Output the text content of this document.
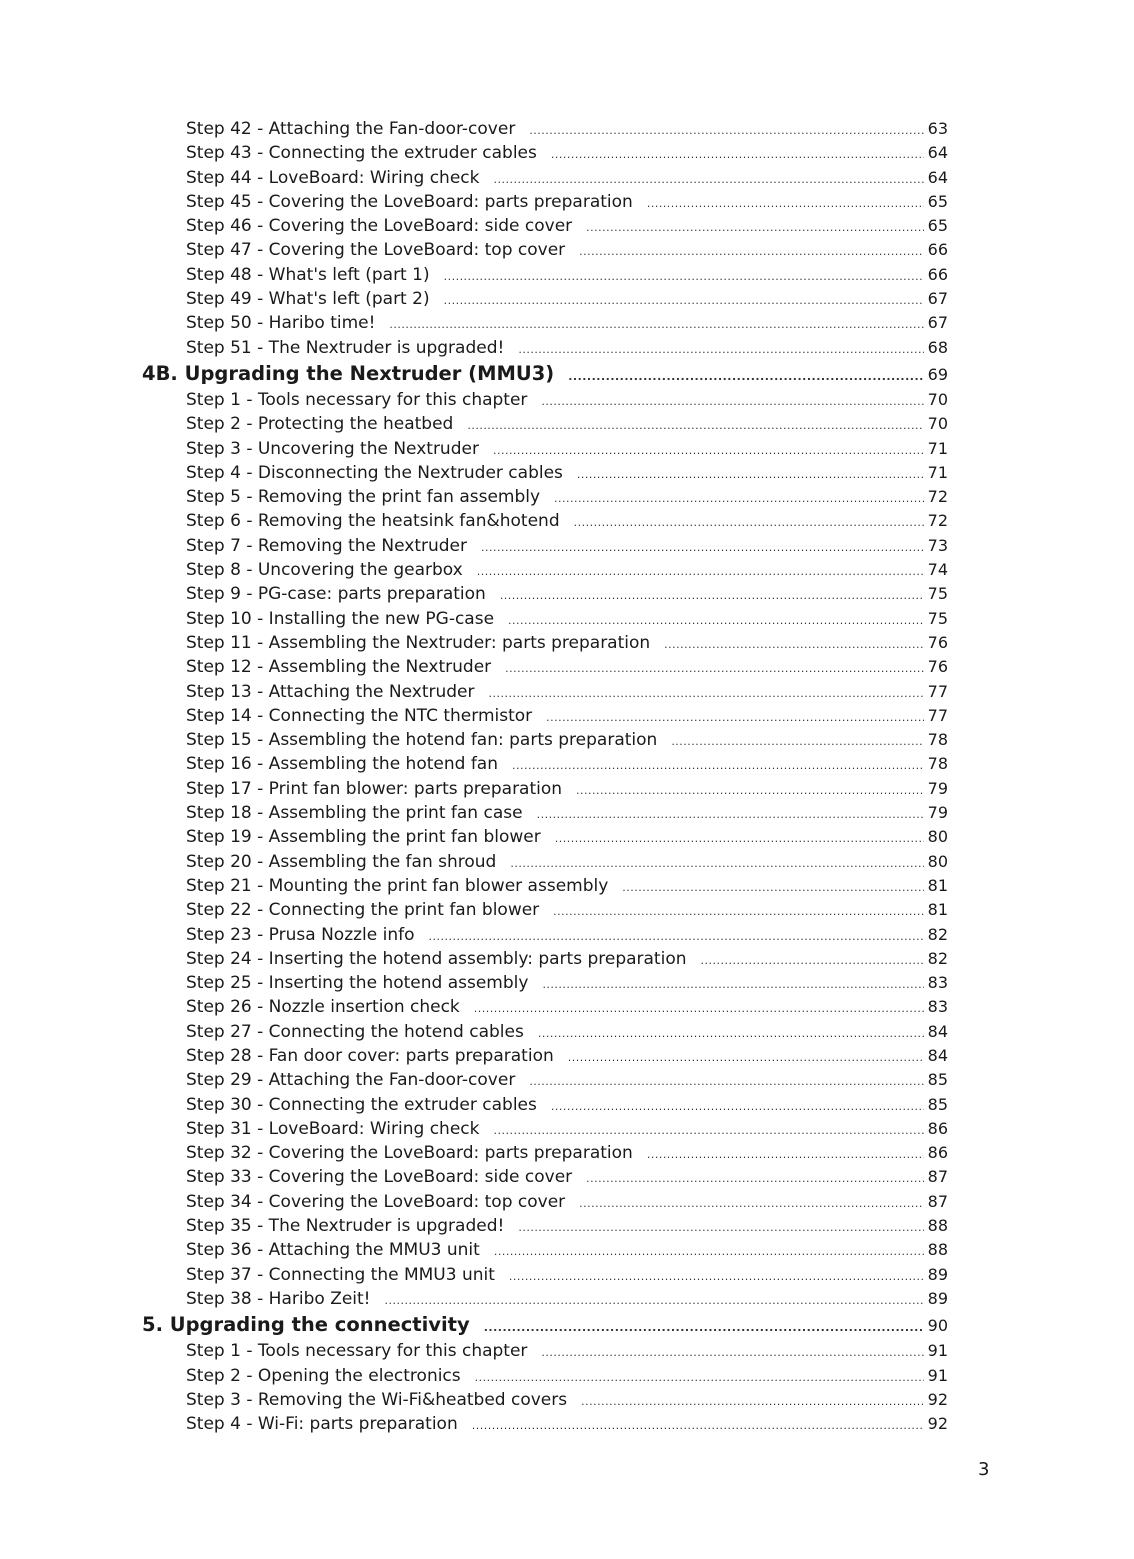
Step 42 - Attaching the Fan-door-cover .....	63
Step 43 - Connecting the extruder cables .....	64
Step 44 - LoveBoard: Wiring check .....	64
Step 45 - Covering the LoveBoard: parts preparation .....	65
Step 46 - Covering the LoveBoard: side cover .....	65
Step 47 - Covering the LoveBoard: top cover .....	66
Step 48 - What's left (part 1) .....	66
Step 49 - What's left (part 2) .....	67
Step 50 - Haribo time! .....	67
Step 51 - The Nextruder is upgraded! .....	68
4B. Upgrading the Nextruder (MMU3) .....	69
Step 1 - Tools necessary for this chapter .....	70
Step 2 - Protecting the heatbed .....	70
Step 3 - Uncovering the Nextruder .....	71
Step 4 - Disconnecting the Nextruder cables .....	71
Step 5 - Removing the print fan assembly .....	72
Step 6 - Removing the heatsink fan&hotend .....	72
Step 7 - Removing the Nextruder .....	73
Step 8 - Uncovering the gearbox .....	74
Step 9 - PG-case: parts preparation .....	75
Step 10 - Installing the new PG-case .....	75
Step 11 - Assembling the Nextruder: parts preparation .....	76
Step 12 - Assembling the Nextruder .....	76
Step 13 - Attaching the Nextruder .....	77
Step 14 - Connecting the NTC thermistor .....	77
Step 15 - Assembling the hotend fan: parts preparation .....	78
Step 16 - Assembling the hotend fan .....	78
Step 17 - Print fan blower: parts preparation .....	79
Step 18 - Assembling the print fan case .....	79
Step 19 - Assembling the print fan blower .....	80
Step 20 - Assembling the fan shroud .....	80
Step 21 - Mounting the print fan blower assembly .....	81
Step 22 - Connecting the print fan blower .....	81
Step 23 - Prusa Nozzle info .....	82
Step 24 - Inserting the hotend assembly: parts preparation .....	82
Step 25 - Inserting the hotend assembly .....	83
Step 26 - Nozzle insertion check .....	83
Step 27 - Connecting the hotend cables .....	84
Step 28 - Fan door cover: parts preparation .....	84
Step 29 - Attaching the Fan-door-cover .....	85
Step 30 - Connecting the extruder cables .....	85
Step 31 - LoveBoard: Wiring check .....	86
Step 32 - Covering the LoveBoard: parts preparation .....	86
Step 33 - Covering the LoveBoard: side cover .....	87
Step 34 - Covering the LoveBoard: top cover .....	87
Step 35 - The Nextruder is upgraded! .....	88
Step 36 - Attaching the MMU3 unit .....	88
Step 37 - Connecting the MMU3 unit .....	89
Step 38 - Haribo Zeit! .....	89
5. Upgrading the connectivity .....	90
Step 1 - Tools necessary for this chapter .....	91
Step 2 - Opening the electronics .....	91
Step 3 - Removing the Wi-Fi&heatbed covers .....	92
Step 4 - Wi-Fi: parts preparation .....	92
3
